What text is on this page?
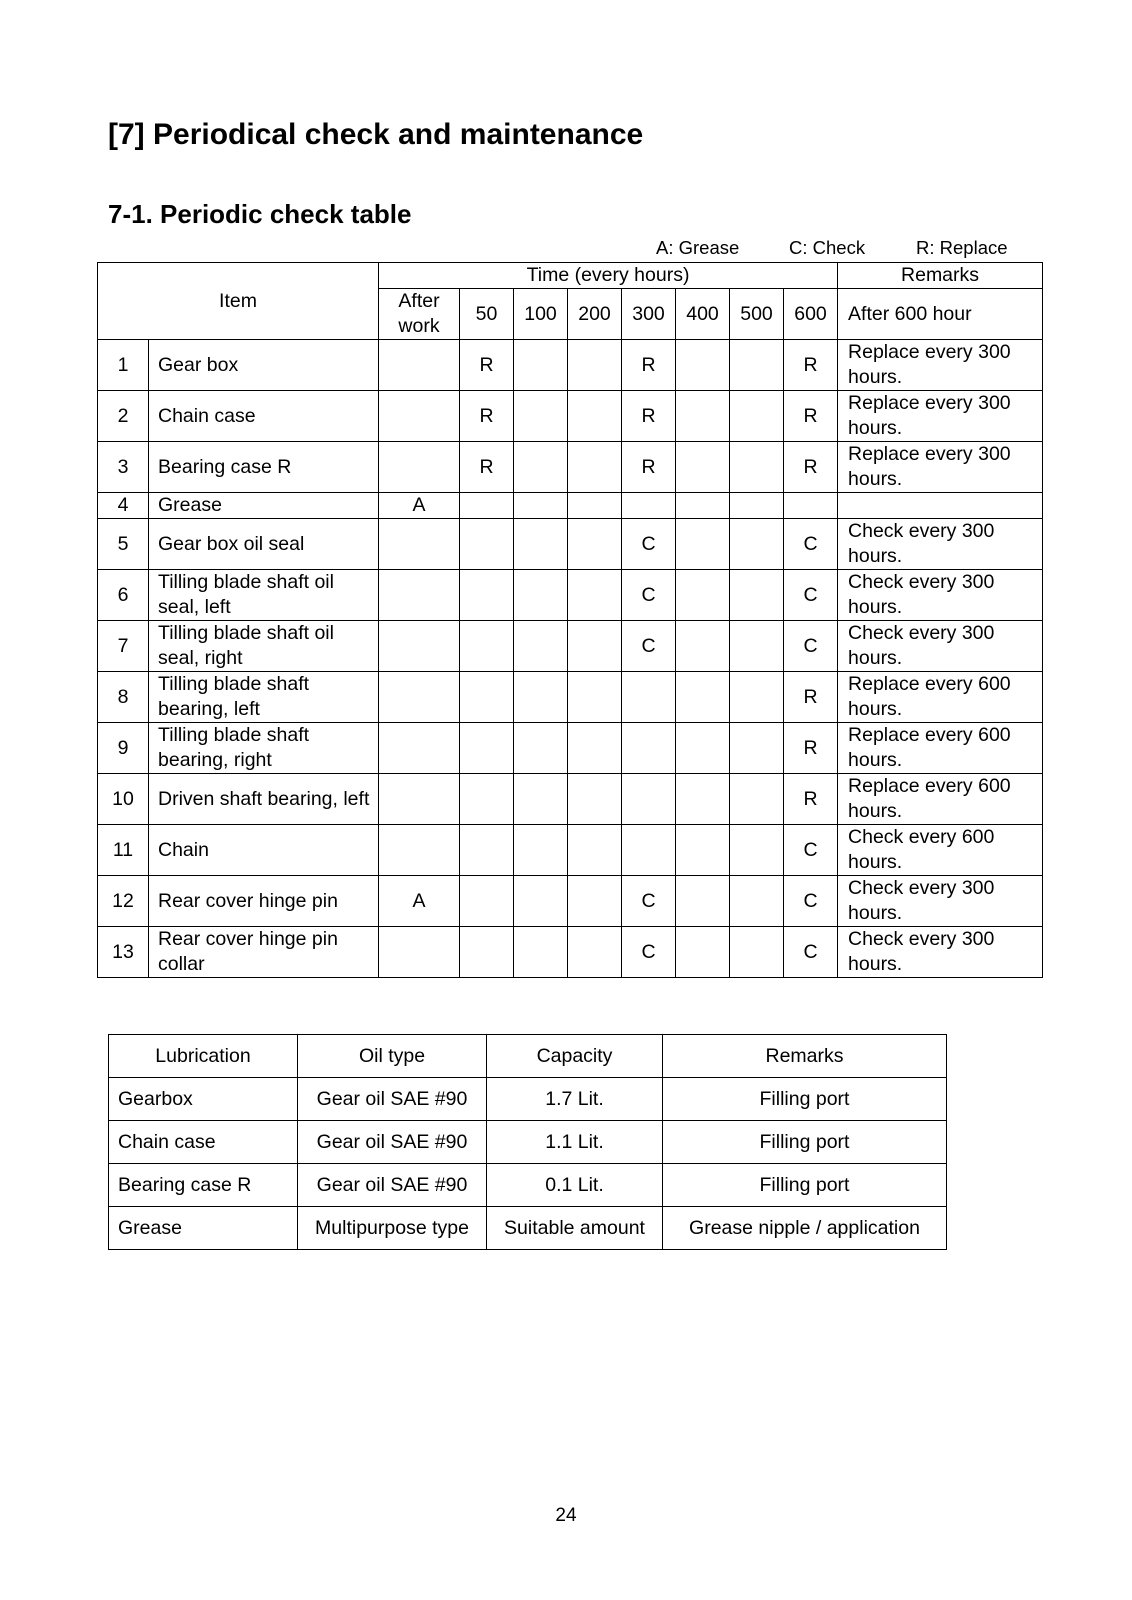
[7] Periodical check and maintenance
7-1. Periodic check table
A: Grease	C: Check	R: Replace
Item		Time (every hours)								Remarks
		After work	50	100	200	300	400	500	600	After 600 hour
1	Gear box		R			R			R	Replace every 300 hours.
2	Chain case		R			R			R	Replace every 300 hours.
3	Bearing case R		R			R			R	Replace every 300 hours.
4	Grease	A								
5	Gear box oil seal					C			C	Check every 300 hours.
6	Tilling blade shaft oil seal, left					C			C	Check every 300 hours.
7	Tilling blade shaft oil seal, right					C			C	Check every 300 hours.
8	Tilling blade shaft bearing, left								R	Replace every 600 hours.
9	Tilling blade shaft bearing, right								R	Replace every 600 hours.
10	Driven shaft bearing, left								R	Replace every 600 hours.
11	Chain								C	Check every 600 hours.
12	Rear cover hinge pin	A				C			C	Check every 300 hours.
13	Rear cover hinge pin collar					C			C	Check every 300 hours.
Lubrication	Oil type	Capacity	Remarks
Gearbox	Gear oil SAE #90	1.7 Lit.	Filling port
Chain case	Gear oil SAE #90	1.1 Lit.	Filling port
Bearing case R	Gear oil SAE #90	0.1 Lit.	Filling port
Grease	Multipurpose type	Suitable amount	Grease nipple / application
24
